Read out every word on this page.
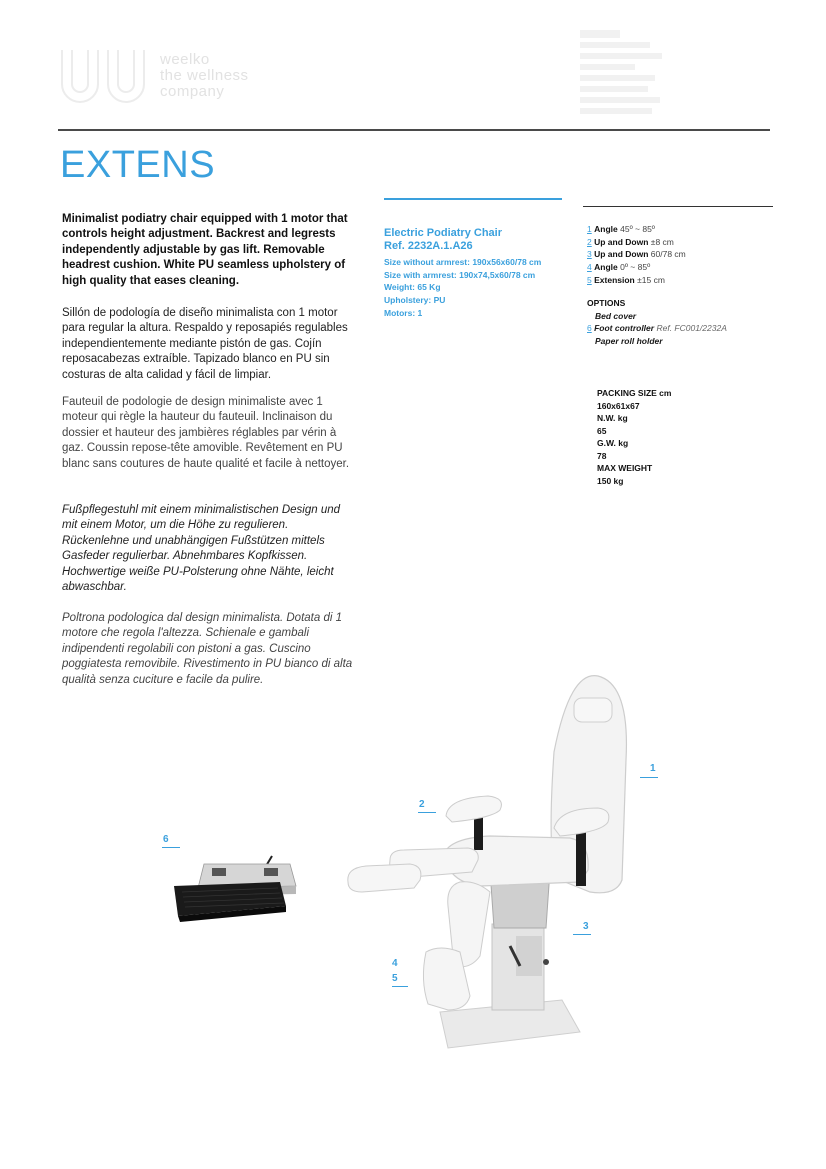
weelko
the wellness
company
EXTENS

Minimalist podiatry chair equipped with 1 motor that controls height adjustment. Backrest and legrests independently adjustable by gas lift. Removable headrest cushion. White PU seamless upholstery of high quality that eases cleaning.

Sillón de podología de diseño minimalista con 1 motor para regular la altura. Respaldo y reposapiés regulables independientemente mediante pistón de gas. Cojín reposacabezas extraíble. Tapizado blanco en PU sin costuras de alta calidad y fácil de limpiar.

Fauteuil de podologie de design minimaliste avec 1 moteur qui règle la hauteur du fauteuil. Inclinaison du dossier et hauteur des jambières réglables par vérin à gaz. Coussin repose-tête amovible. Revêtement en PU blanc sans coutures de haute qualité et facile à nettoyer.

Fußpflegestuhl mit einem minimalistischen Design und mit einem Motor, um die Höhe zu regulieren. Rückenlehne und unabhängigen Fußstützen mittels Gasfeder regulierbar. Abnehmbares Kopfkissen. Hochwertige weiße PU-Polsterung ohne Nähte, leicht abwaschbar.

Poltrona podologica dal design minimalista. Dotata di 1 motore che regola l'altezza. Schienale e gambali indipendenti regolabili con pistoni a gas. Cuscino poggiatesta removibile. Rivestimento in PU bianco di alta qualità senza cuciture e facile da pulire.

Electric Podiatry Chair
Ref. 2232A.1.A26
Size without armrest: 190x56x60/78 cm
Size with armrest: 190x74,5x60/78 cm
Weight: 65 Kg
Upholstery: PU
Motors: 1
1 Angle 45º ~ 85º
2 Up and Down ±8 cm
3 Up and Down 60/78 cm
4 Angle 0º ~ 85º
5 Extension ±15 cm
OPTIONS
Bed cover
6 Foot controller Ref. FC001/2232A
Paper roll holder
PACKING SIZE cm
160x61x67
N.W. kg
65
G.W. kg
78
MAX WEIGHT
150 kg
1
2
3
4
5
6
